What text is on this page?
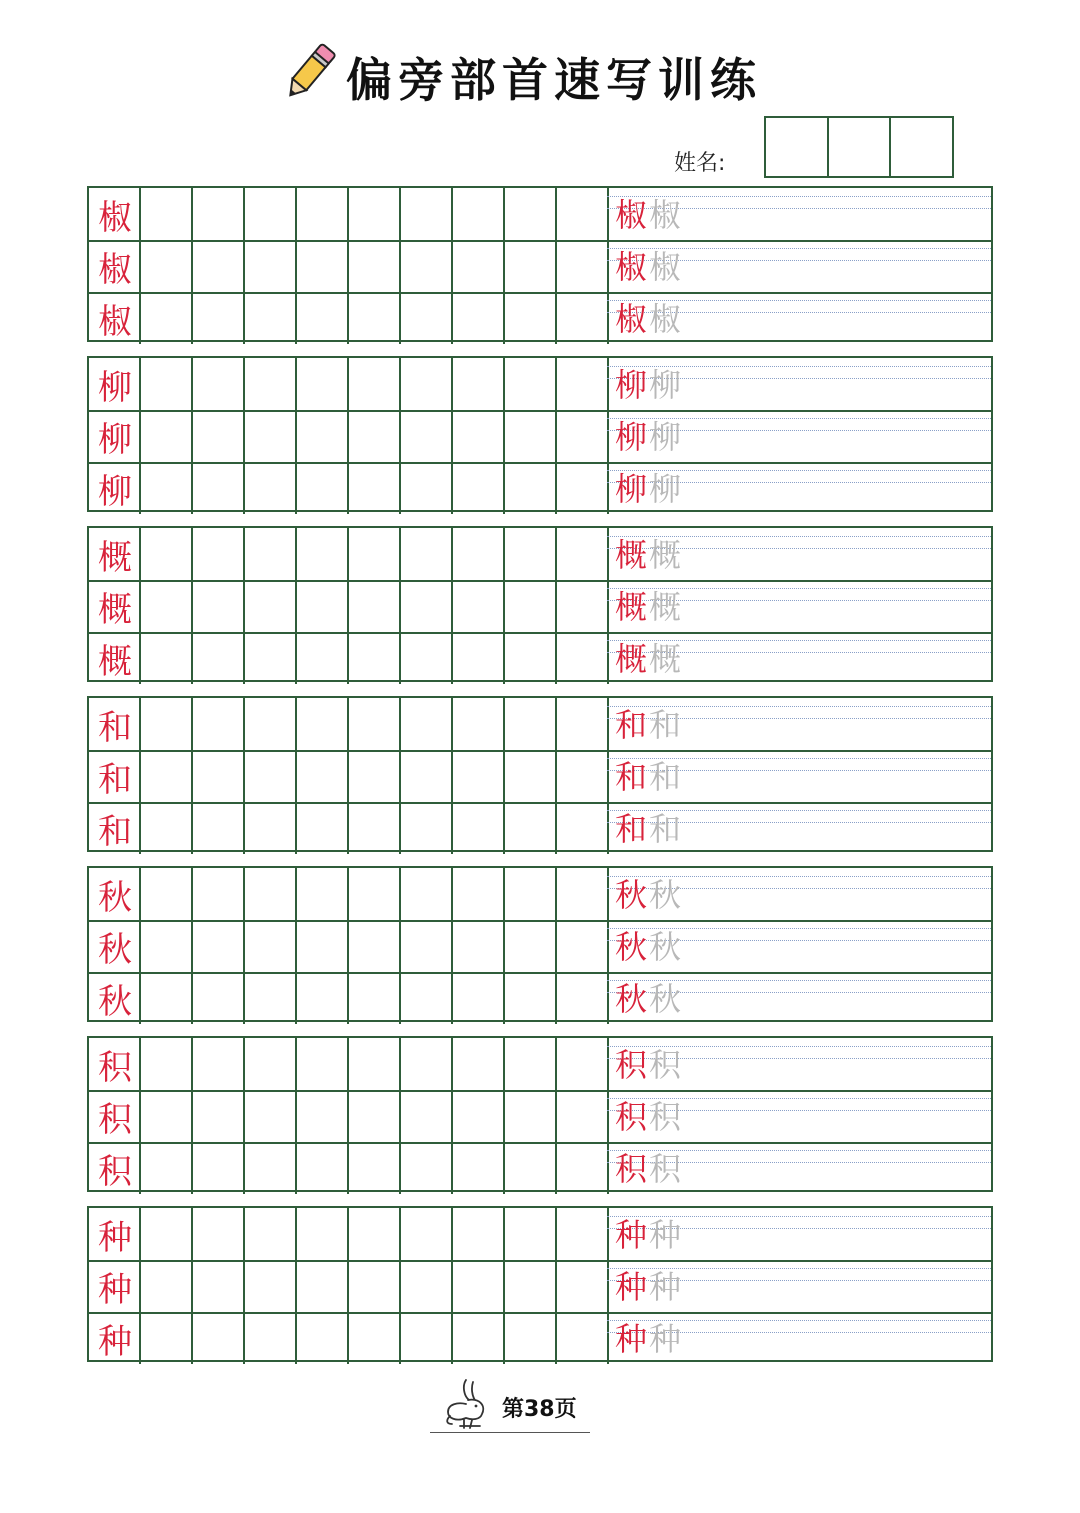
偏旁部首速写训练
姓名:
椒	椒椒
椒	椒椒
椒	椒椒
柳	柳柳
柳	柳柳
柳	柳柳
概	概概
概	概概
概	概概
和	和和
和	和和
和	和和
秋	秋秋
秋	秋秋
秋	秋秋
积	积积
积	积积
积	积积
种	种种
种	种种
种	种种
第38页
